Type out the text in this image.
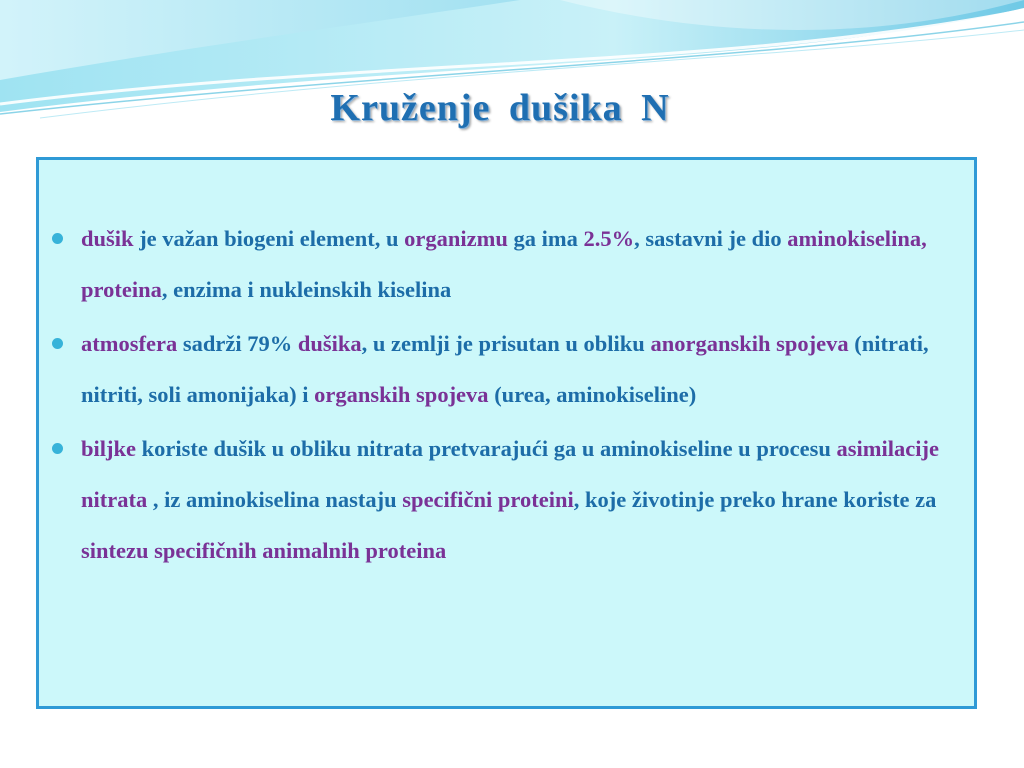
Kruženje dušika N
dušik je važan biogeni element, u organizmu ga ima 2.5%, sastavni je dio aminokiselina, proteina, enzima i nukleinskih kiselina
atmosfera sadrži 79% dušika, u zemlji je prisutan u obliku anorganskih spojeva (nitrati, nitriti, soli amonijaka) i organskih spojeva (urea, aminokiseline)
biljke koriste dušik u obliku nitrata pretvarajući ga u aminokiseline u procesu asimilacije nitrata , iz aminokiselina nastaju specifični proteini, koje životinje preko hrane koriste za sintezu specifičnih animalnih proteina
